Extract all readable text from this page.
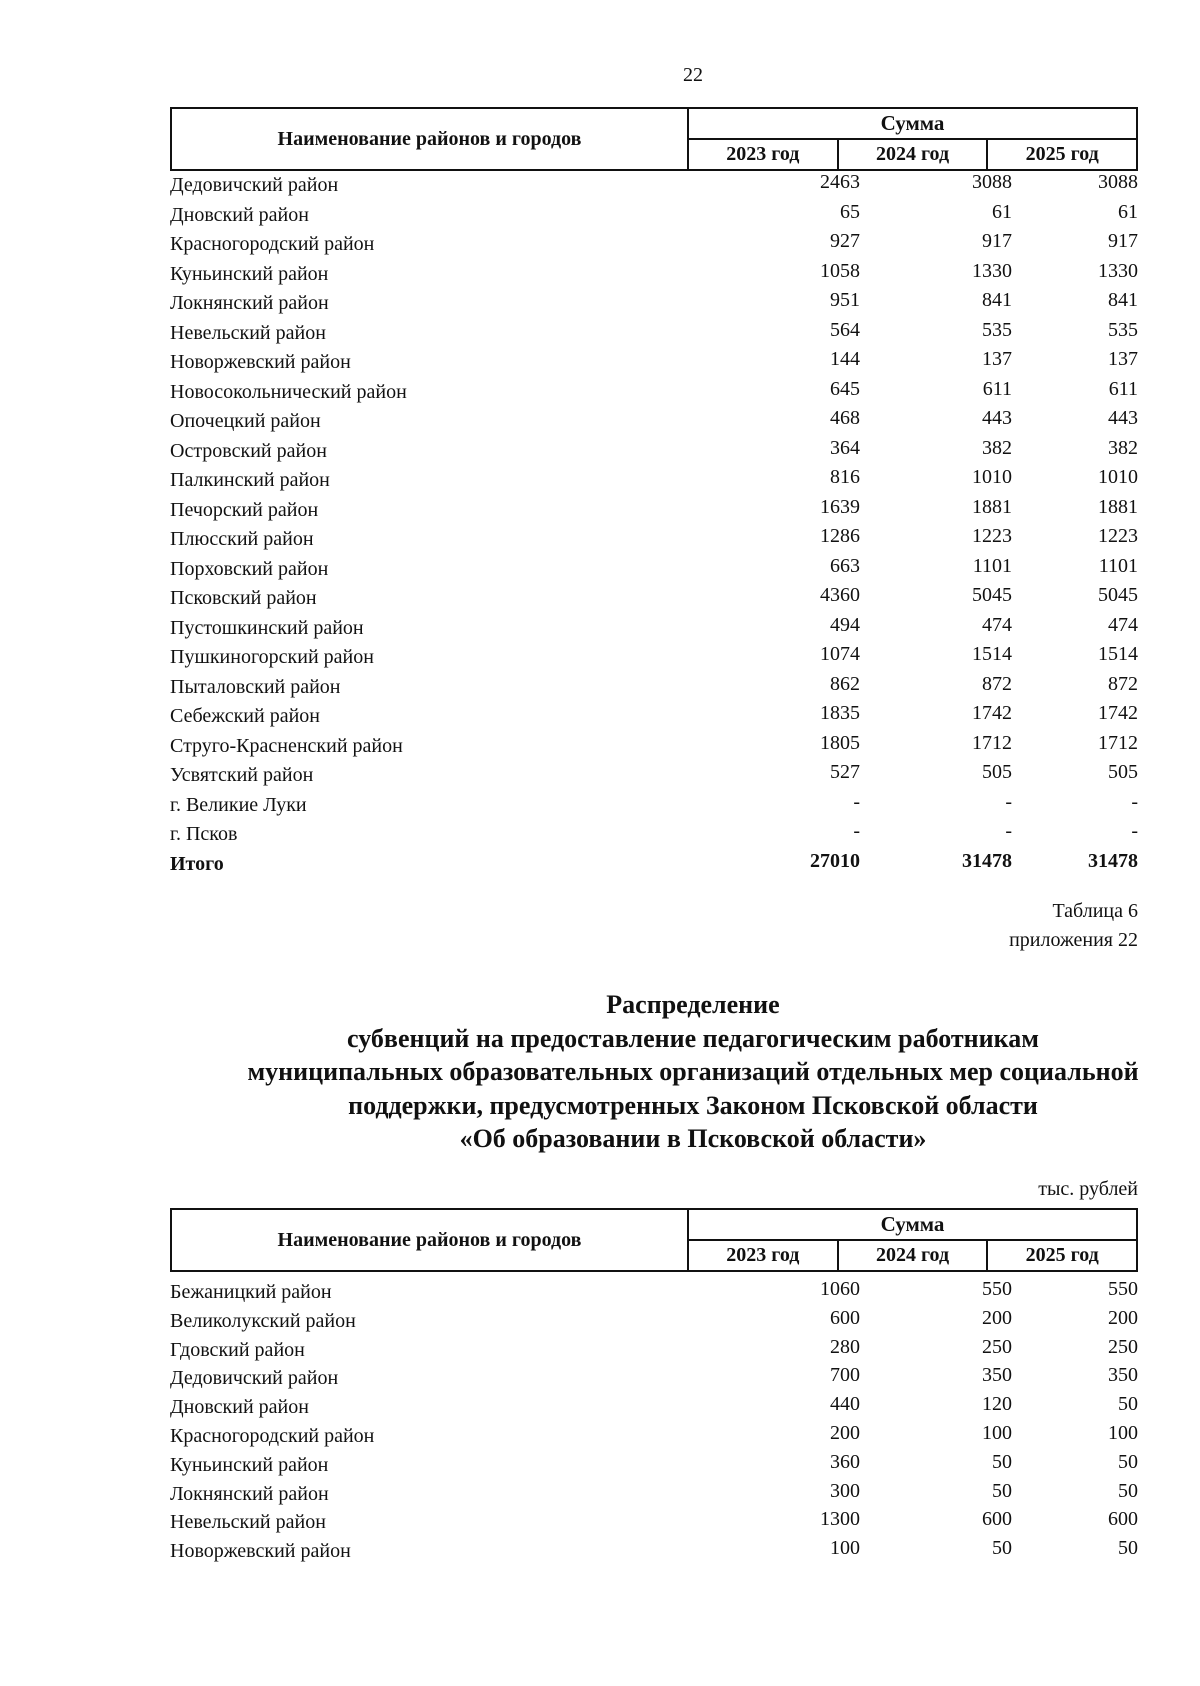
22
Наименование районов и городов
Сумма
2023 год	2024 год	2025 год
Дедовичский район	2463	3088	3088
Дновский район	65	61	61
Красногородский район	927	917	917
Куньинский район	1058	1330	1330
Локнянский район	951	841	841
Невельский район	564	535	535
Новоржевский район	144	137	137
Новосокольнический район	645	611	611
Опочецкий район	468	443	443
Островский район	364	382	382
Палкинский район	816	1010	1010
Печорский район	1639	1881	1881
Плюсский район	1286	1223	1223
Порховский район	663	1101	1101
Псковский район	4360	5045	5045
Пустошкинский район	494	474	474
Пушкиногорский район	1074	1514	1514
Пыталовский район	862	872	872
Себежский район	1835	1742	1742
Струго-Красненский район	1805	1712	1712
Усвятский район	527	505	505
г. Великие Луки	-	-	-
г. Псков	-	-	-
Итого	27010	31478	31478
Таблица 6
приложения 22
Распределение
субвенций на предоставление педагогическим работникам
муниципальных образовательных организаций отдельных мер социальной
поддержки, предусмотренных Законом Псковской области
«Об образовании в Псковской области»
тыс. рублей
Наименование районов и городов
Сумма
2023 год	2024 год	2025 год
Бежаницкий район	1060	550	550
Великолукский район	600	200	200
Гдовский район	280	250	250
Дедовичский район	700	350	350
Дновский район	440	120	50
Красногородский район	200	100	100
Куньинский район	360	50	50
Локнянский район	300	50	50
Невельский район	1300	600	600
Новоржевский район	100	50	50
